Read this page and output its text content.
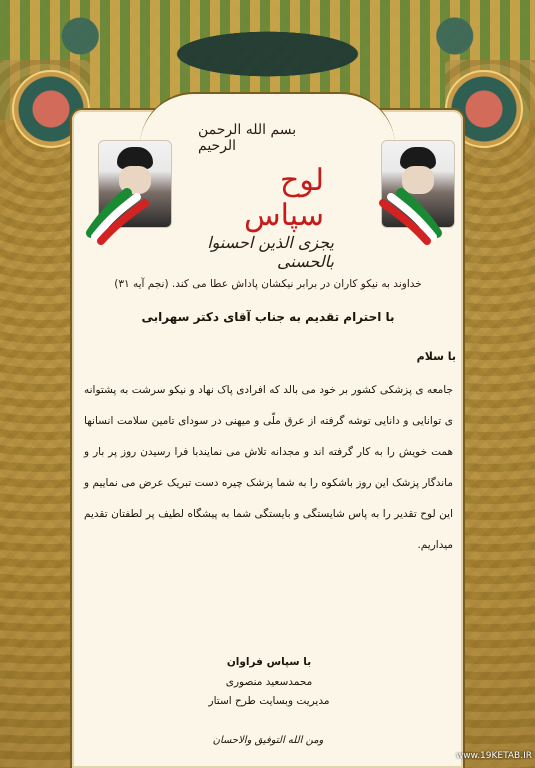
بسم الله الرحمن الرحیم
لوح سپاس
یجزی الذین احسنوا بالحسنی
خداوند به نیکو کاران در برابر نیکشان پاداش عطا می کند. (نجم آیه ۳۱)
با احترام تقدیم به جناب آقای دکتر سهرابی
با سلام
جامعه ی پزشکی کشور بر خود می بالد که افرادی پاک نهاد و نیکو سرشت به پشتوانه ی توانایی و دانایی توشه گرفته از عرق ملّی و میهنی در سودای تامین سلامت انسانها همت خویش را به کار گرفته اند و مجدانه تلاش می نمایندبا فرا رسیدن روز پر بار و ماندگار پزشک این روز باشکوه را به شما پزشک چیره دست تبریک عرض می نماییم و این لوح تقدیر را به پاس شایستگی و بایستگی شما به پیشگاه لطیف پر لطفتان تقدیم میداریم.
با سپاس فراوان
محمدسعید منصوری
مدیریت وبسایت طرح استار
ومن الله التوفیق والاحسان
www.19KETAB.IR
